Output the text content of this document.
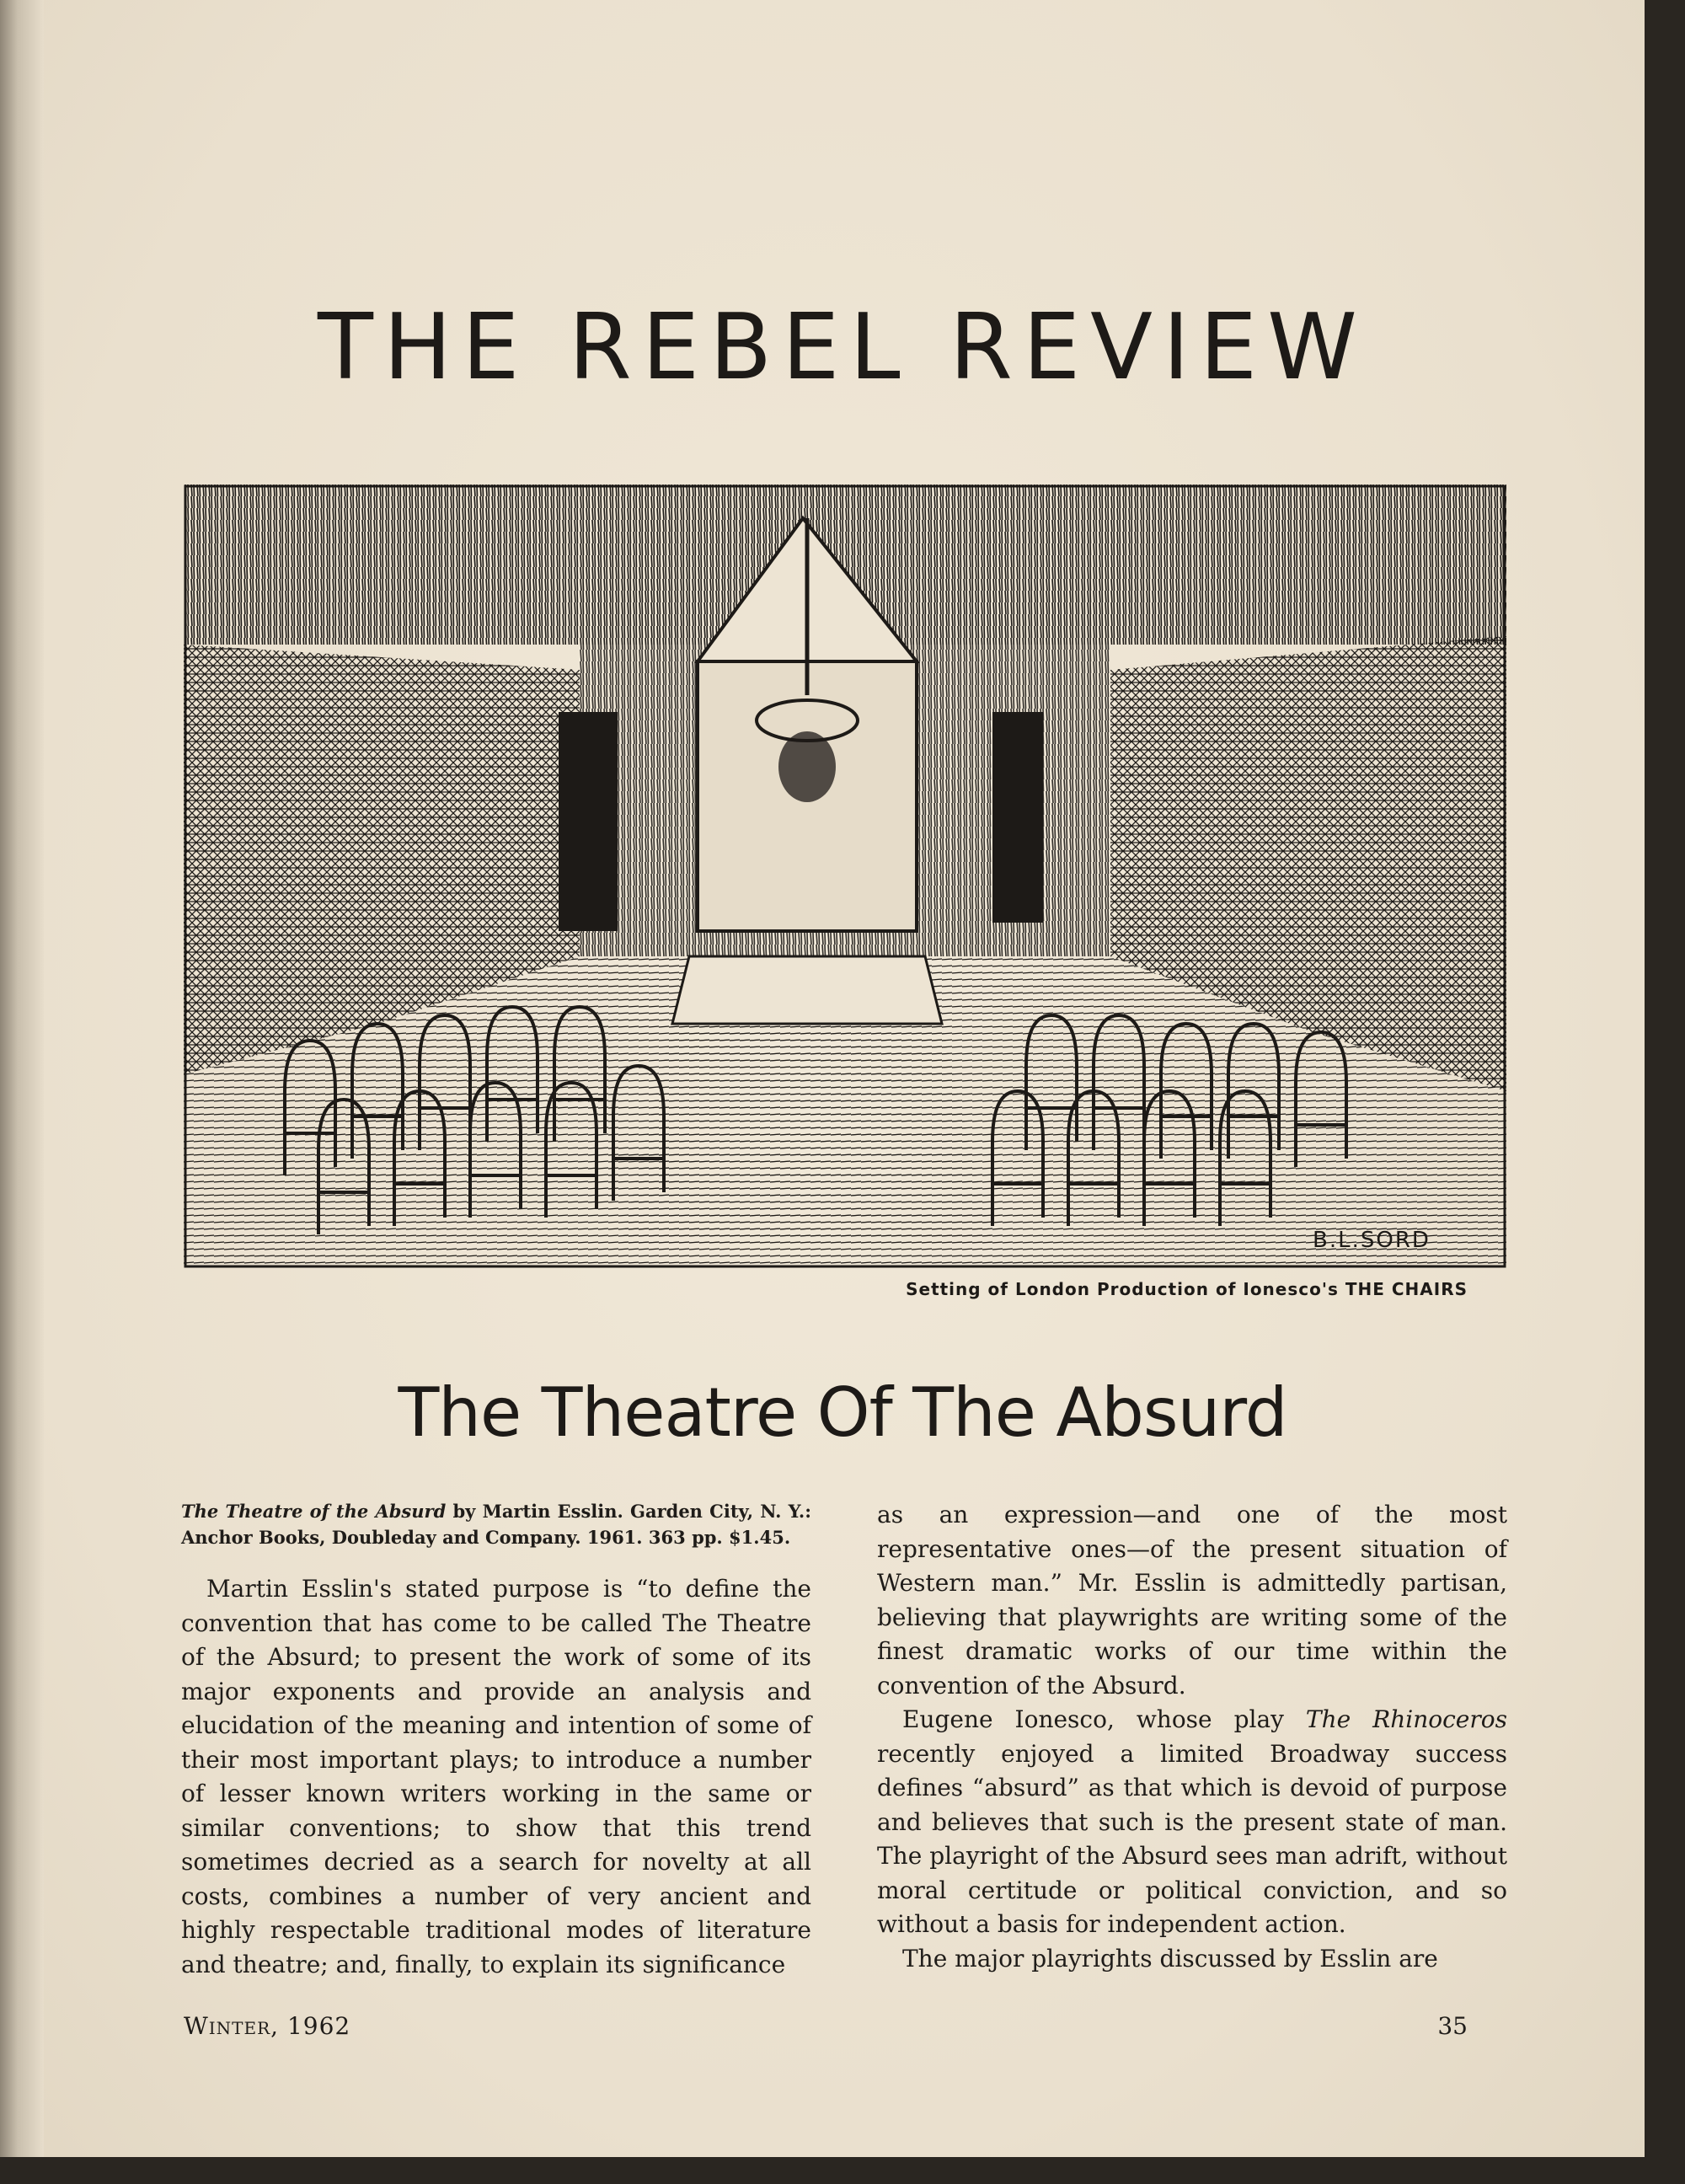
THE REBEL REVIEW
B.L.SORD
Setting of London Production of Ionesco's THE CHAIRS
The Theatre Of The Absurd

The Theatre of the Absurd by Martin Esslin. Garden City, N. Y.: Anchor Books, Doubleday and Company. 1961. 363 pp. $1.45.

Martin Esslin's stated purpose is “to define the convention that has come to be called The Theatre of the Absurd; to present the work of some of its major exponents and provide an analysis and elucidation of the meaning and intention of some of their most important plays; to introduce a number of lesser known writers working in the same or similar conventions; to show that this trend sometimes decried as a search for novelty at all costs, combines a number of very ancient and highly respectable traditional modes of literature and theatre; and, finally, to explain its significance

as an expression—and one of the most representative ones—of the present situation of Western man.” Mr. Esslin is admittedly partisan, believing that playwrights are writing some of the finest dramatic works of our time within the convention of the Absurd.

Eugene Ionesco, whose play The Rhinoceros recently enjoyed a limited Broadway success defines “absurd” as that which is devoid of purpose and believes that such is the present state of man. The playright of the Absurd sees man adrift, without moral certitude or political conviction, and so without a basis for independent action.

The major playrights discussed by Esslin are

Winter, 1962	35
